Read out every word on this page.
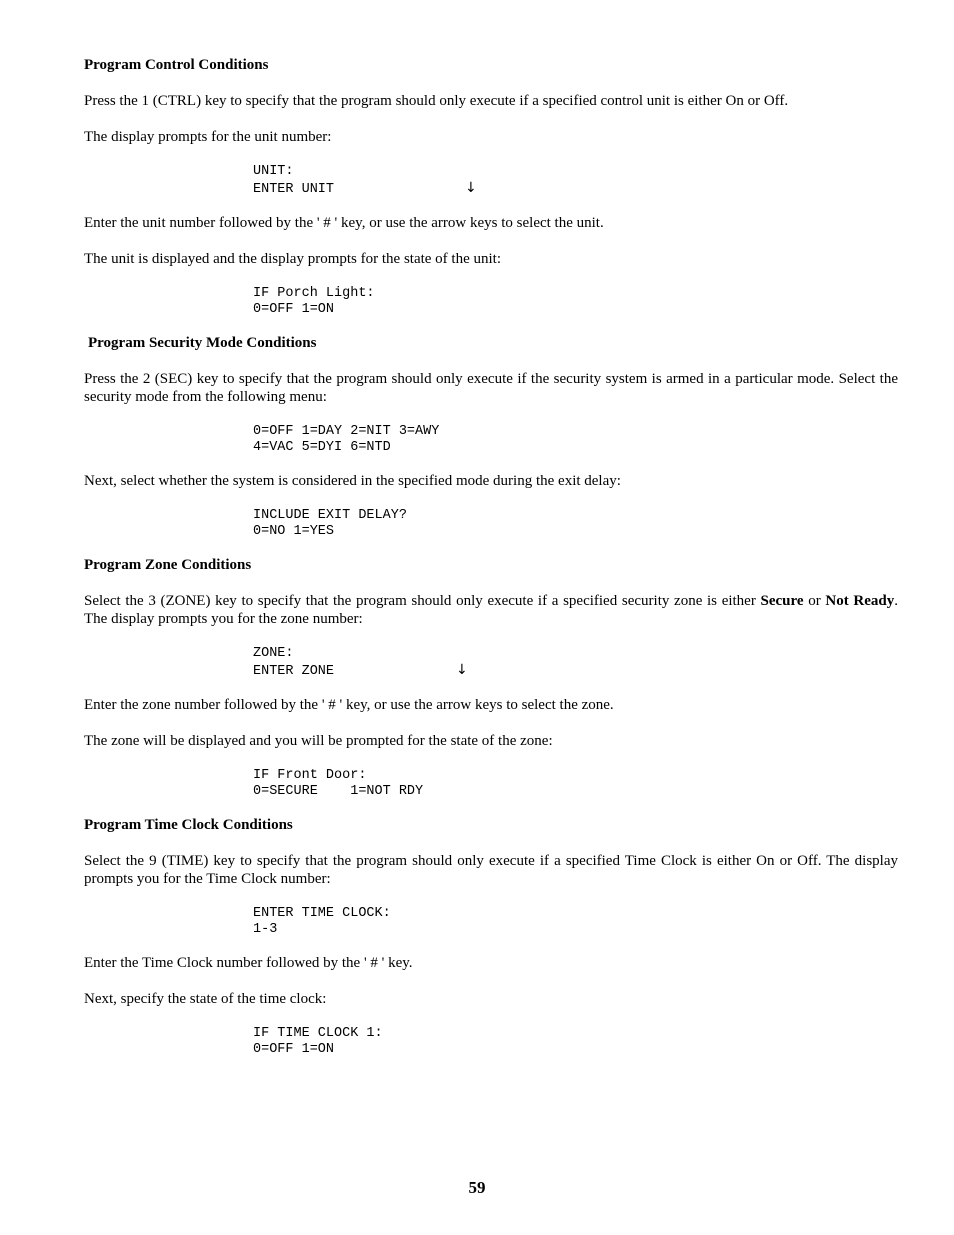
Program Control Conditions

Press the 1 (CTRL) key to specify that the program should only execute if a specified control unit is either On or Off.

The display prompts for the unit number:

UNIT:

ENTER UNIT	↓

Enter the unit number followed by the ' # ' key, or use the arrow keys to select the unit.

The unit is displayed and the display prompts for the state of the unit:

IF Porch Light:

0=OFF 1=ON

Program Security Mode Conditions

Press the 2 (SEC) key to specify that the program should only execute if the security system is armed in a particular mode. Select the security mode from the following menu:

0=OFF 1=DAY 2=NIT 3=AWY

4=VAC 5=DYI 6=NTD

Next, select whether the system is considered in the specified mode during the exit delay:

INCLUDE EXIT DELAY?

0=NO 1=YES

Program Zone Conditions

Select the 3 (ZONE) key to specify that the program should only execute if a specified security zone is either Secure or Not Ready. The display prompts you for the zone number:

ZONE:

ENTER ZONE	↓

Enter the zone number followed by the ' # ' key, or use the arrow keys to select the zone.

The zone will be displayed and you will be prompted for the state of the zone:

IF Front Door:

0=SECURE    1=NOT RDY

Program Time Clock Conditions

Select the 9 (TIME) key to specify that the program should only execute if a specified Time Clock is either On or Off. The display prompts you for the Time Clock number:

ENTER TIME CLOCK:

1-3

Enter the Time Clock number followed by the ' # ' key.

Next, specify the state of the time clock:

IF TIME CLOCK 1:

0=OFF 1=ON

59
